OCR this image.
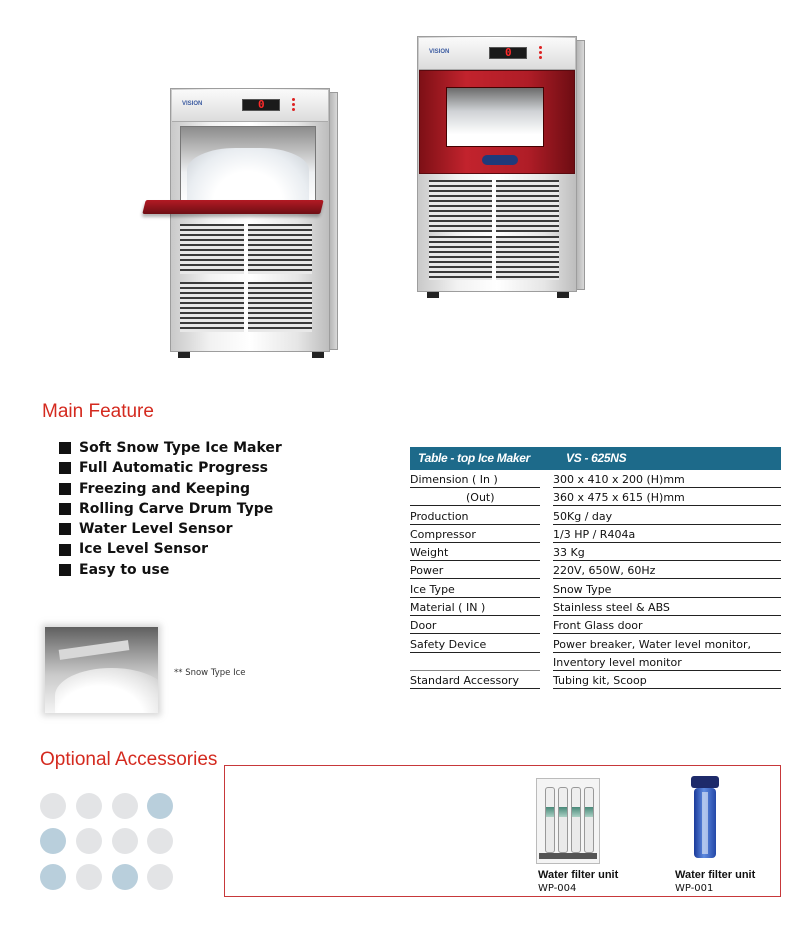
VISION
0
VISION
0
Main Feature
Soft Snow Type Ice Maker
Full Automatic Progress
Freezing and Keeping
Rolling Carve Drum Type
Water Level Sensor
Ice Level Sensor
Easy to use
** Snow Type Ice
Table - top Ice Maker	VS - 625NS
Dimension ( In )	300 x 410 x 200 (H)mm
(Out)	360 x 475 x 615 (H)mm
Production	50Kg / day
Compressor	1/3 HP / R404a
Weight	33 Kg
Power	220V, 650W, 60Hz
Ice Type	Snow Type
Material ( IN )	Stainless steel & ABS
Door	Front Glass door
Safety Device	Power breaker, Water level monitor,
Inventory level monitor
Standard Accessory	Tubing kit, Scoop
Optional Accessories
Water filter unit
WP-004
Water filter unit
WP-001
